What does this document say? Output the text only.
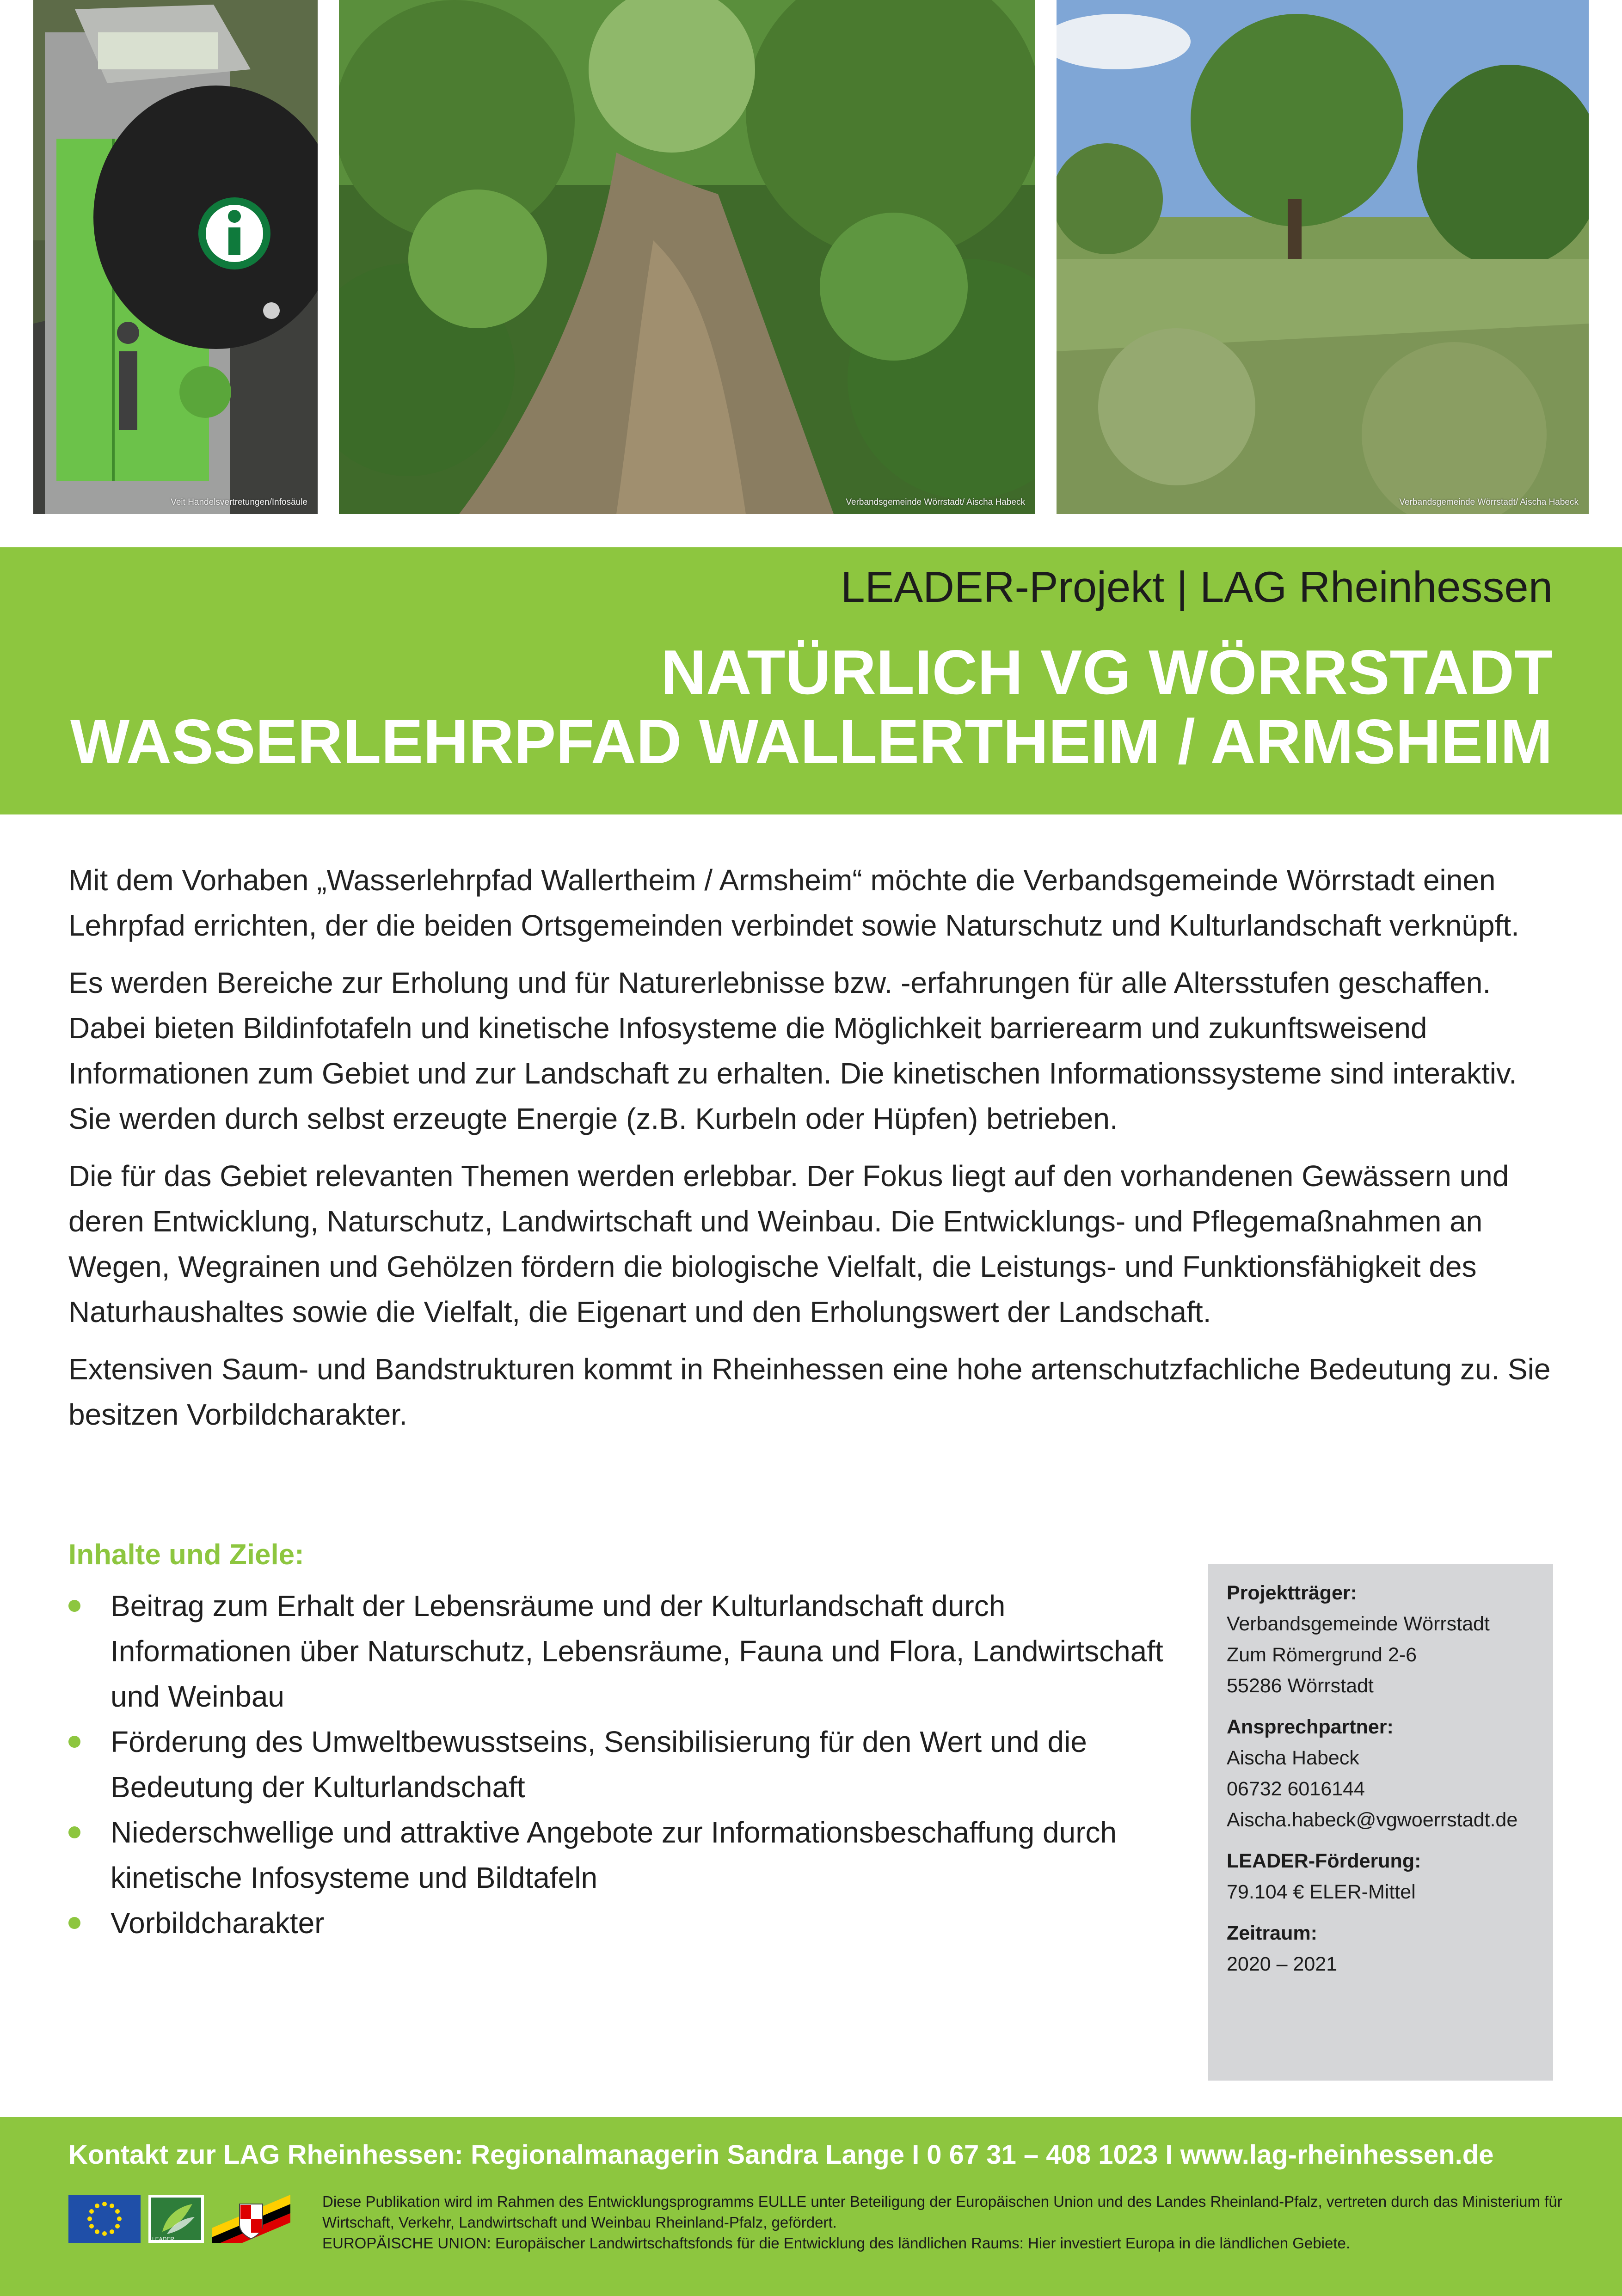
Veit Handelsvertretungen/Infosäule	Verbandsgemeinde Wörrstadt/ Aischa Habeck	Verbandsgemeinde Wörrstadt/ Aischa Habeck
LEADER-Projekt | LAG Rheinhessen
NATÜRLICH VG WÖRRSTADT
WASSERLEHRPFAD WALLERTHEIM / ARMSHEIM

Mit dem Vorhaben „Wasserlehrpfad Wallertheim / Armsheim“ möchte die Verbandsgemeinde Wörrstadt einen Lehrpfad errichten, der die beiden Ortsgemeinden verbindet sowie Naturschutz und Kulturlandschaft verknüpft.

Es werden Bereiche zur Erholung und für Naturerlebnisse bzw. -erfahrungen für alle Altersstufen geschaffen. Dabei bieten Bildinfotafeln und kinetische Infosysteme die Möglichkeit barrierearm und zukunftsweisend Informationen zum Gebiet und zur Landschaft zu erhalten. Die kinetischen Informationssysteme sind interaktiv. Sie werden durch selbst erzeugte Energie (z.B. Kurbeln oder Hüpfen) betrieben.

Die für das Gebiet relevanten Themen werden erlebbar. Der Fokus liegt auf den vorhandenen Gewässern und deren Entwicklung, Naturschutz, Landwirtschaft und Weinbau. Die Entwicklungs- und Pflegemaßnahmen an Wegen, Wegrainen und Gehölzen fördern die biologische Vielfalt, die Leistungs- und Funktionsfähigkeit des Naturhaushaltes sowie die Vielfalt, die Eigenart und den Erholungswert der Landschaft.

Extensiven Saum- und Bandstrukturen kommt in Rheinhessen eine hohe artenschutzfachliche Bedeutung zu. Sie besitzen Vorbildcharakter.

Inhalte und Ziele:
Beitrag zum Erhalt der Lebensräume und der Kulturlandschaft durch Informationen über Naturschutz, Lebensräume, Fauna und Flora, Landwirtschaft und Weinbau
Förderung des Umweltbewusstseins, Sensibilisierung für den Wert und die Bedeutung der Kulturlandschaft
Niederschwellige und attraktive Angebote zur Informationsbeschaffung durch kinetische Infosysteme und Bildtafeln
Vorbildcharakter
Projektträger:
Verbandsgemeinde Wörrstadt
Zum Römergrund 2-6
55286 Wörrstadt
Ansprechpartner:
Aischa Habeck
06732 6016144
Aischa.habeck@vgwoerrstadt.de
LEADER-Förderung:
79.104 € ELER-Mittel
Zeitraum:
2020 – 2021
Kontakt zur LAG Rheinhessen: Regionalmanagerin Sandra Lange I 0 67 31 – 408 1023 I www.lag-rheinhessen.de
LEADER
Diese Publikation wird im Rahmen des Entwicklungsprogramms EULLE unter Beteiligung der Europäischen Union und des Landes Rheinland-Pfalz, vertreten durch das Ministerium für Wirtschaft, Verkehr, Landwirtschaft und Weinbau Rheinland-Pfalz, gefördert.
EUROPÄISCHE UNION: Europäischer Landwirtschaftsfonds für die Entwicklung des ländlichen Raums: Hier investiert Europa in die ländlichen Gebiete.
